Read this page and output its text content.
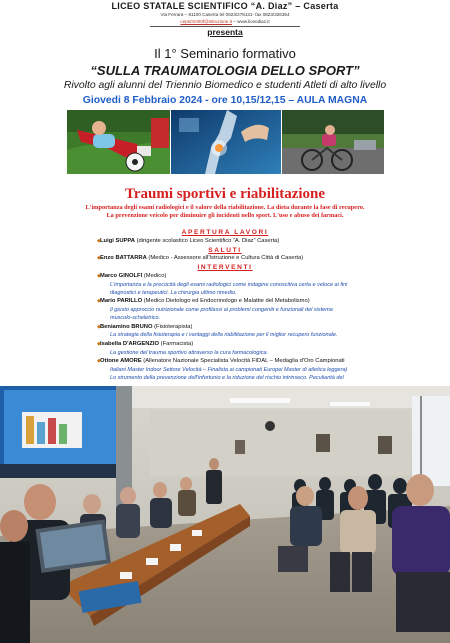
LICEO STATALE SCIENTIFICO “A. Diaz” – Caserta
Via Ferrara – 81100 Caserta tel 0823/278131- fax 0823/326354
ceps01000f@istruzione.it – www.liceodiaz.it
presenta
Il 1° Seminario formativo
“SULLA TRAUMATOLOGIA DELLO SPORT”
Rivolto agli alunni del Triennio Biomedico e studenti Atleti di alto livello
Giovedi 8 Febbraio 2024 - ore 10,15/12,15 – AULA MAGNA
Traumi sportivi e riabilitazione
L'importanza degli esami radiologici e il valore della riabilitazione. La dieta durante la fase di recupero.
La prevenzione veicolo per diminuire gli incidenti nello sport. L'uso e abuso dei farmaci.
APERTURA LAVORI
◆ Luigi SUPPA (dirigente scolastico Liceo Scientifico “A. Diaz” Caserta)
SALUTI
◆ Enzo BATTARRA (Medico - Assessore all'Istruzione e Cultura Città di Caserta)
INTERVENTI
◆ Marco GINOLFI (Medico)
L'importanza e la precocità degli esami radiologici come indagine conoscitiva certa e veloce ai fini
diagnostici e terapeutici. La chirurgia ultimo rimedio.
◆ Mario PARILLO (Medico Dietologo ed Endocrinologo e Malattie del Metabolismo)
Il giusto approccio nutrizionale come profilassi ai problemi congeniti e funzionali del sistema
muscolo-scheletrico.
◆ Beniamino BRUNO (Fisioterapista)
La strategia della fisioterapia e i vantaggi della riabilitazione per il miglior recupero funzionale.
◆ Isabella D'ARGENZIO (Farmacista)
La gestione del trauma sportivo attraverso la cura farmacologica.
◆ Ottone AMORE (Allenatore Nazionale Specialista Velocità FIDAL – Medaglia d'Oro Campionati
Italiani Master Indoor Settore Velocità – Finalista ai campionati Europei Master di atletica leggera)
Lo strumento della prevenzione dell'infortunio e la riduzione del rischio intrinseco. Peculiarità del
